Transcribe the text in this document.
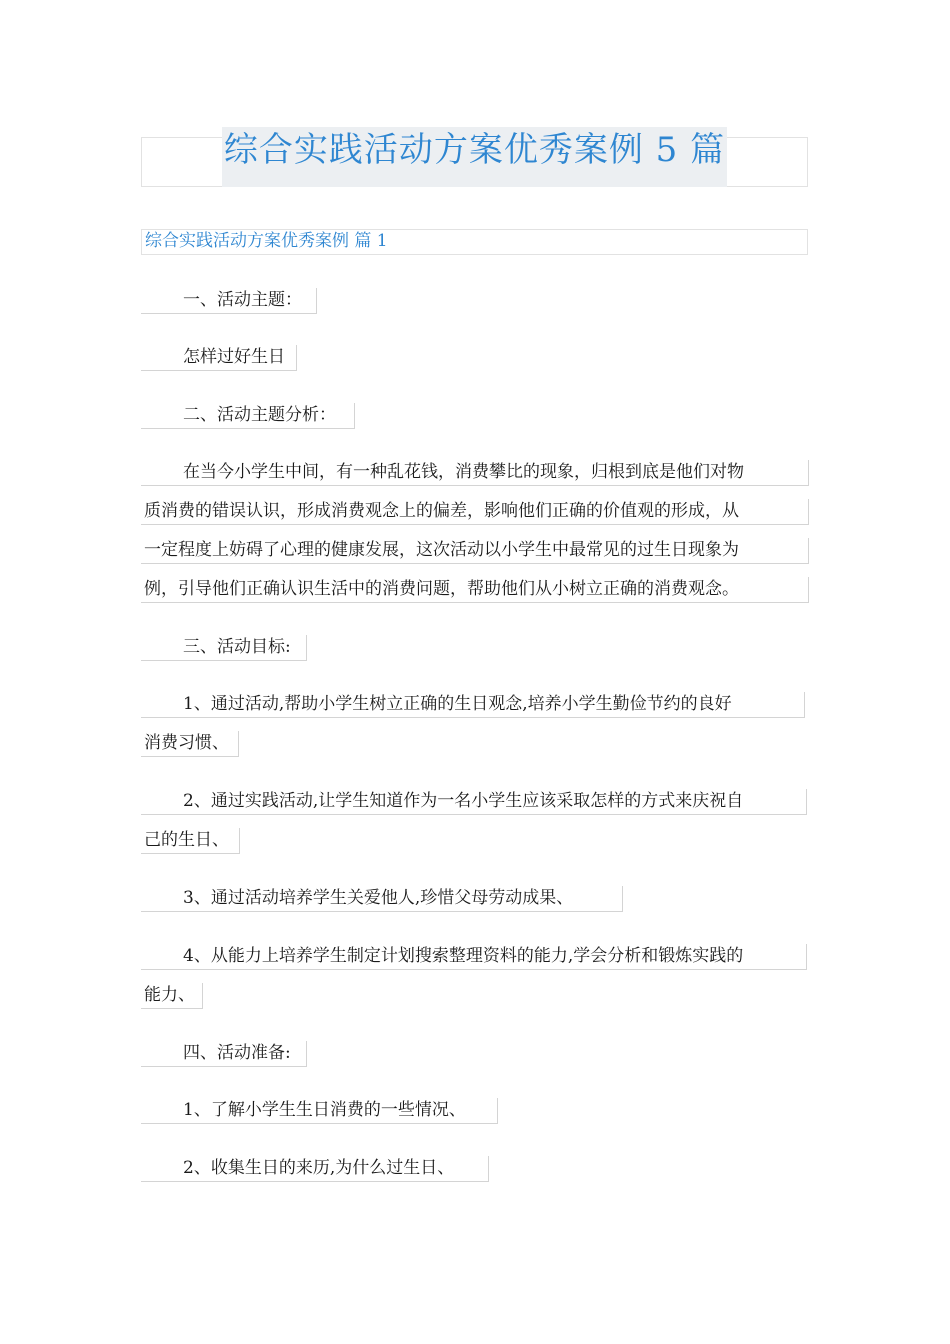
综合实践活动方案优秀案例 5 篇
综合实践活动方案优秀案例 篇 1
一、活动主题：
怎样过好生日
二、活动主题分析：
在当今小学生中间，有一种乱花钱，消费攀比的现象，归根到底是他们对物
质消费的错误认识，形成消费观念上的偏差，影响他们正确的价值观的形成，从
一定程度上妨碍了心理的健康发展，这次活动以小学生中最常见的过生日现象为
例，引导他们正确认识生活中的消费问题，帮助他们从小树立正确的消费观念。
三、活动目标:
1、通过活动,帮助小学生树立正确的生日观念,培养小学生勤俭节约的良好
消费习惯、
2、通过实践活动,让学生知道作为一名小学生应该采取怎样的方式来庆祝自
己的生日、
3、通过活动培养学生关爱他人,珍惜父母劳动成果、
4、从能力上培养学生制定计划搜索整理资料的能力,学会分析和锻炼实践的
能力、
四、活动准备:
1、了解小学生生日消费的一些情况、
2、收集生日的来历,为什么过生日、
